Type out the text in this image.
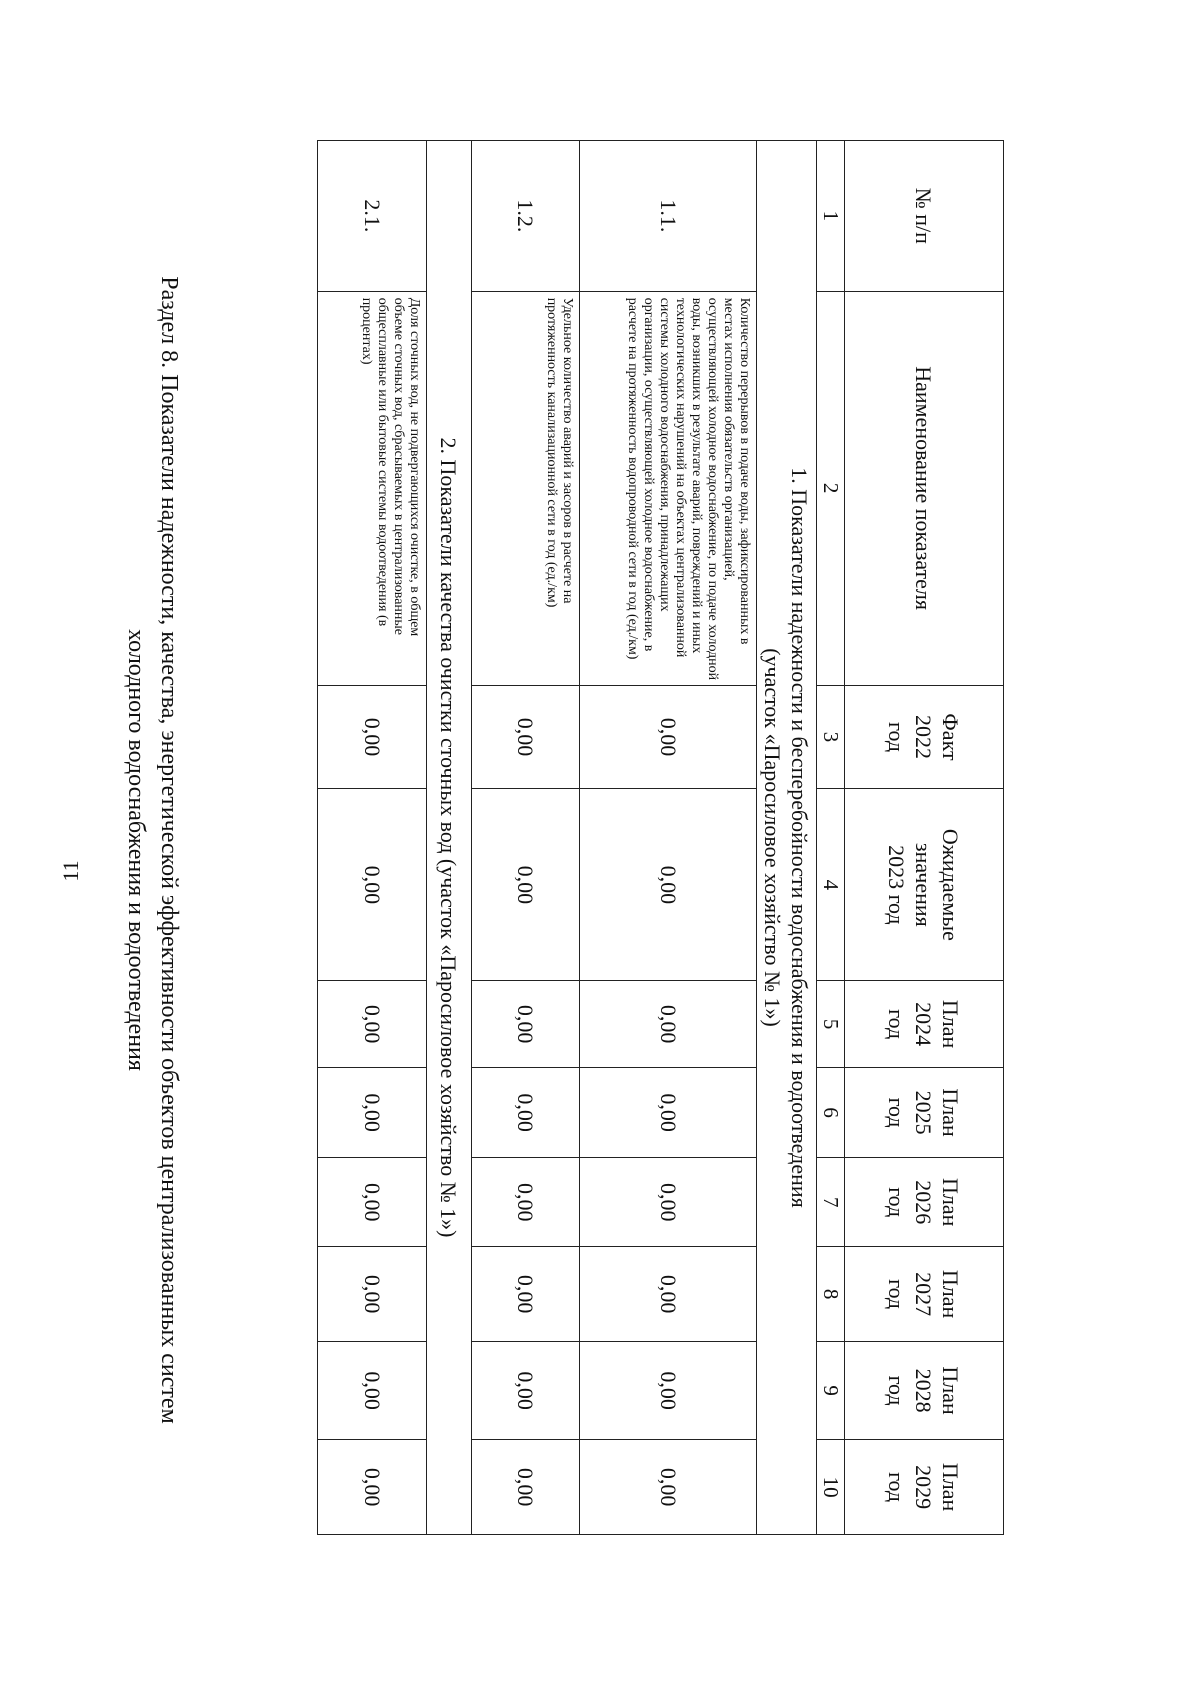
11	Раздел 8. Показатели надежности, качества, энергетической эффективности объектов централизованных систем
холодного водоснабжения и водоотведения
№ п/п	Наименование показателя	Факт
2022
год	Ожидаемые
значения
2023 год	План
2024
год	План
2025
год	План
2026
год	План
2027
год	План
2028
год	План
2029
год
1	2	3	4	5	6	7	8	9	10
1. Показатели надежности и бесперебойности водоснабжения и водоотведения
(участок «Паросиловое хозяйство № 1»)									
1.1.	Количество перерывов в подаче воды, зафиксированных в местах исполнения обязательств организацией, осуществляющей холодное водоснабжение, по подаче холодной воды, возникших в результате аварий, повреждений и иных технологических нарушений на объектах централизованной системы холодного водоснабжения, принадлежащих организации, осуществляющей холодное водоснабжение, в расчете на протяженность водопроводной сети в год (ед./км)	0,00	0,00	0,00	0,00	0,00	0,00	0,00	0,00
1.2.	Удельное количество аварий и засоров в расчете на протяженность канализационной сети в год (ед./км)	0,00	0,00	0,00	0,00	0,00	0,00	0,00	0,00
2. Показатели качества очистки сточных вод (участок «Паросиловое хозяйство № 1»)									
2.1.	Доля сточных вод, не подвергающихся очистке, в общем объеме сточных вод, сбрасываемых в централизованные общесплавные или бытовые системы водоотведения (в процентах)	0,00	0,00	0,00	0,00	0,00	0,00	0,00	0,00
